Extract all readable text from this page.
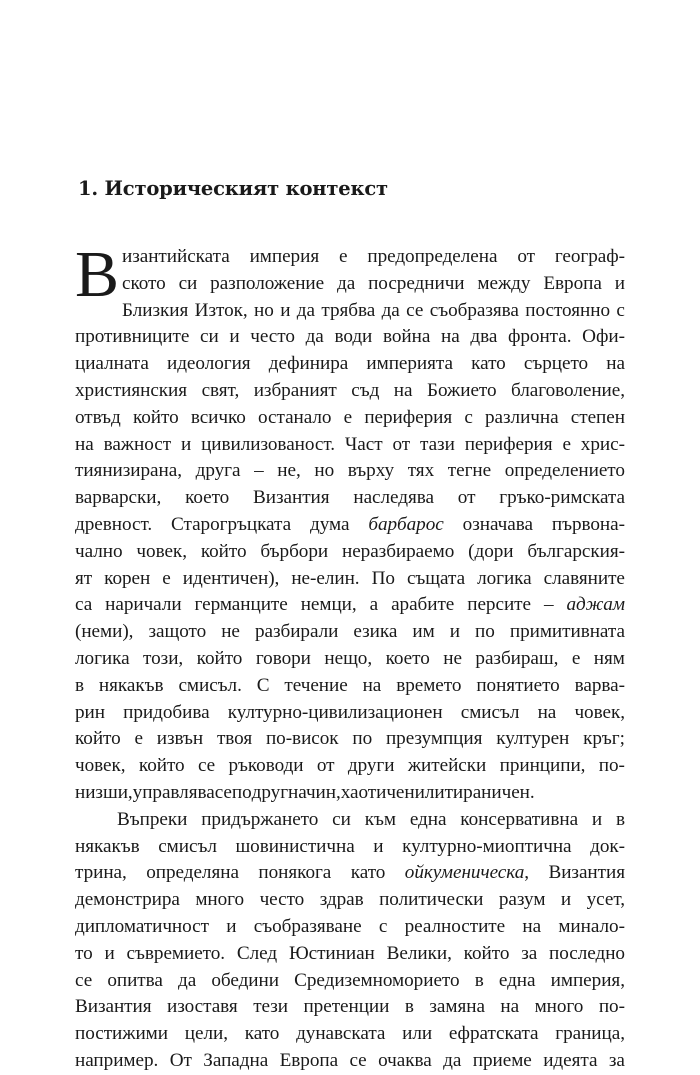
1. Историческият контекст
В изантийската империя е предопределена от географ-
ското си разположение да посредничи между Европа и
Близкия Изток, но и да трябва да се съобразява постоянно с
противниците си и често да води война на два фронта. Офи-
циалната идеология дефинира империята като сърцето на
християнския свят, избраният съд на Божието благоволение,
отвъд който всичко останало е периферия с различна степен
на важност и цивилизованост. Част от тази периферия е хрис-
тиянизирана, друга – не, но върху тях тегне определението
варварски, което Византия наследява от гръко-римската
древност. Старогръцката дума барбарос означава първона-
чално човек, който бърбори неразбираемо (дори българския-
ят корен е идентичен), не-елин. По същата логика славяните
са наричали германците немци, а арабите персите – аджам
(неми), защото не разбирали езика им и по примитивната
логика този, който говори нещо, което не разбираш, е ням
в някакъв смисъл. С течение на времето понятието варва-
рин придобива културно-цивилизационен смисъл на човек,
който е извън твоя по-висок по презумпция културен кръг;
човек, който се ръководи от други житейски принципи, по-
низши, управлява се по друг начин, хаотичен или тираничен.
Въпреки придържането си към една консервативна и в
някакъв смисъл шовинистична и културно-миоптична док-
трина, определяна понякога като ойкуменическа, Византия
демонстрира много често здрав политически разум и усет,
дипломатичност и съобразяване с реалностите на минало-
то и съвремието. След Юстиниан Велики, който за последно
се опитва да обедини Средиземноморието в една империя,
Византия изоставя тези претенции в замяна на много по-
постижими цели, като дунавската или ефратската граница,
например. От Западна Европа се очаква да приеме идеята за
